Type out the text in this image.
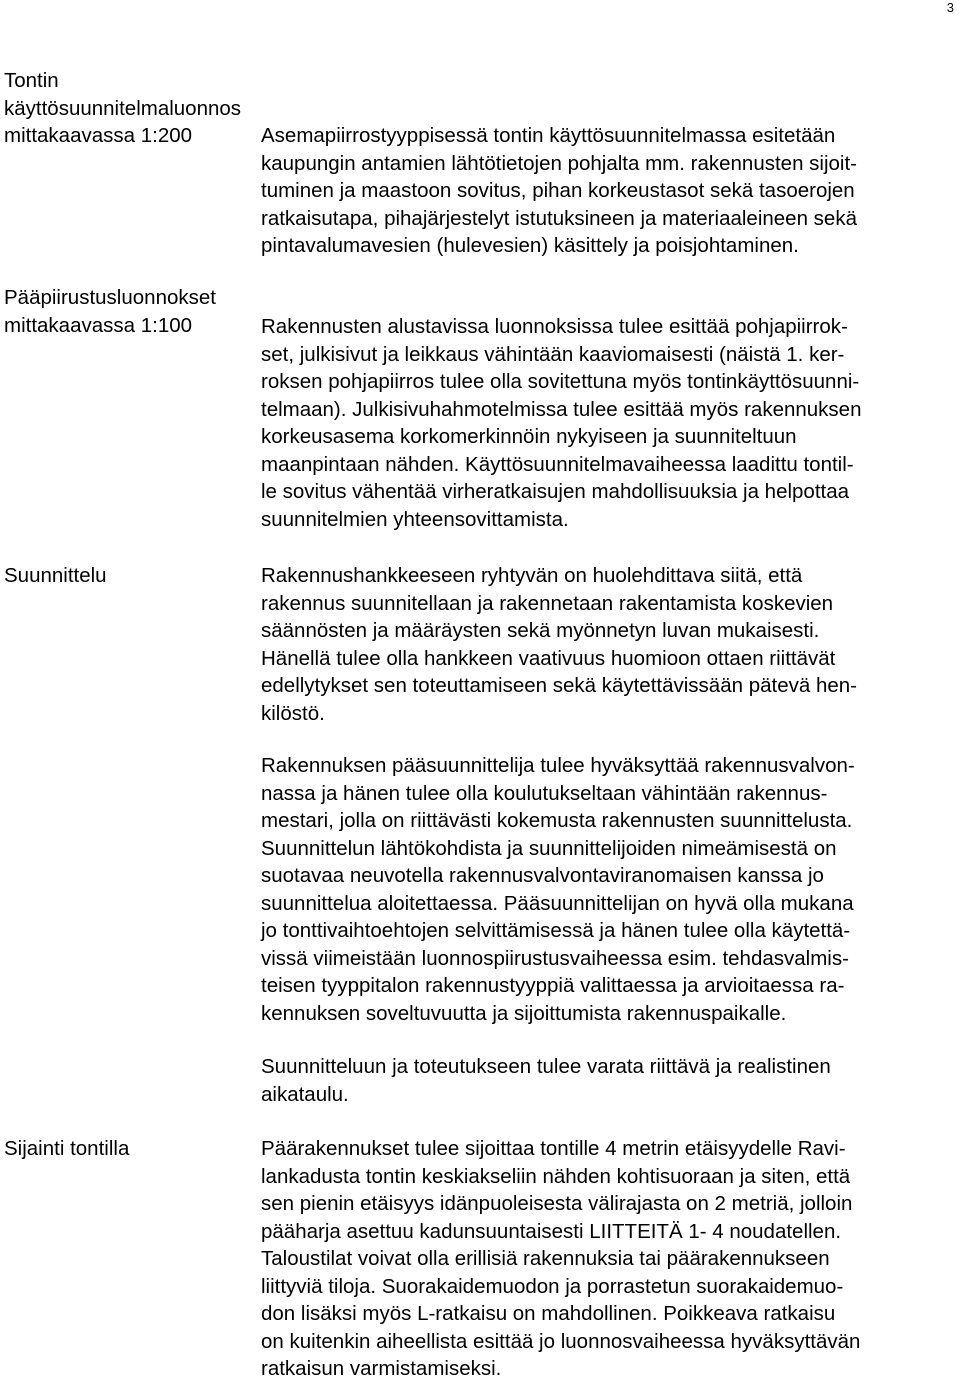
3
Tontin käyttösuunnitelmaluonnos
mittakaavassa 1:200	Asemapiirrostyyppisessä tontin käyttösuunnitelmassa esitetään
kaupungin antamien lähtötietojen pohjalta mm. rakennusten sijoit-
tuminen ja maastoon sovitus, pihan korkeustasot sekä tasoerojen
ratkaisutapa, pihajärjestelyt istutuksineen ja materiaaleineen sekä
pintavalumavesien (hulevesien) käsittely ja poisjohtaminen.

Pääpiirustusluonnokset
mittakaavassa 1:100	Rakennusten alustavissa luonnoksissa tulee esittää pohjapiirrok-
set, julkisivut ja leikkaus vähintään kaaviomaisesti (näistä 1. ker-
roksen pohjapiirros tulee olla sovitettuna myös tontinkäyttösuunni-
telmaan). Julkisivuhahmotelmissa tulee esittää myös rakennuksen
korkeusasema korkomerkinnöin nykyiseen ja suunniteltuun
maanpintaan nähden. Käyttösuunnitelmavaiheessa laadittu tontil-
le sovitus vähentää virheratkaisujen mahdollisuuksia ja helpottaa
suunnitelmien yhteensovittamista.

Suunnittelu	Rakennushankkeeseen ryhtyvän on huolehdittava siitä, että
rakennus suunnitellaan ja rakennetaan rakentamista koskevien
säännösten ja määräysten sekä myönnetyn luvan mukaisesti.
Hänellä tulee olla hankkeen vaativuus huomioon ottaen riittävät
edellytykset sen toteuttamiseen sekä käytettävissään pätevä hen-
kilöstö.

Rakennuksen pääsuunnittelija tulee hyväksyttää rakennusvalvon-
nassa ja hänen tulee olla koulutukseltaan vähintään rakennus-
mestari, jolla on riittävästi kokemusta rakennusten suunnittelusta.
Suunnittelun lähtökohdista ja suunnittelijoiden nimeämisestä on
suotavaa neuvotella rakennusvalvontaviranomaisen kanssa jo
suunnittelua aloitettaessa. Pääsuunnittelijan on hyvä olla mukana
jo tonttivaihtoehtojen selvittämisessä ja hänen tulee olla käytettä-
vissä viimeistään luonnospiirustusvaiheessa esim. tehdasvalmis-
teisen tyyppitalon rakennustyyppiä valittaessa ja arvioitaessa ra-
kennuksen soveltuvuutta ja sijoittumista rakennuspaikalle.

Suunnitteluun ja toteutukseen tulee varata riittävä ja realistinen
aikataulu.

Sijainti tontilla	Päärakennukset tulee sijoittaa tontille 4 metrin etäisyydelle Ravi-
lankadusta tontin keskiakseliin nähden kohtisuoraan ja siten, että
sen pienin etäisyys idänpuoleisesta välirajasta on 2 metriä, jolloin
pääharja asettuu kadunsuuntaisesti LIITTEITÄ 1- 4 noudatellen.
Taloustilat voivat olla erillisiä rakennuksia tai päärakennukseen
liittyviä tiloja. Suorakaidemuodon ja porrastetun suorakaidemuo-
don lisäksi myös L-ratkaisu on mahdollinen. Poikkeava ratkaisu
on kuitenkin aiheellista esittää jo luonnosvaiheessa hyväksyttävän
ratkaisun varmistamiseksi.
